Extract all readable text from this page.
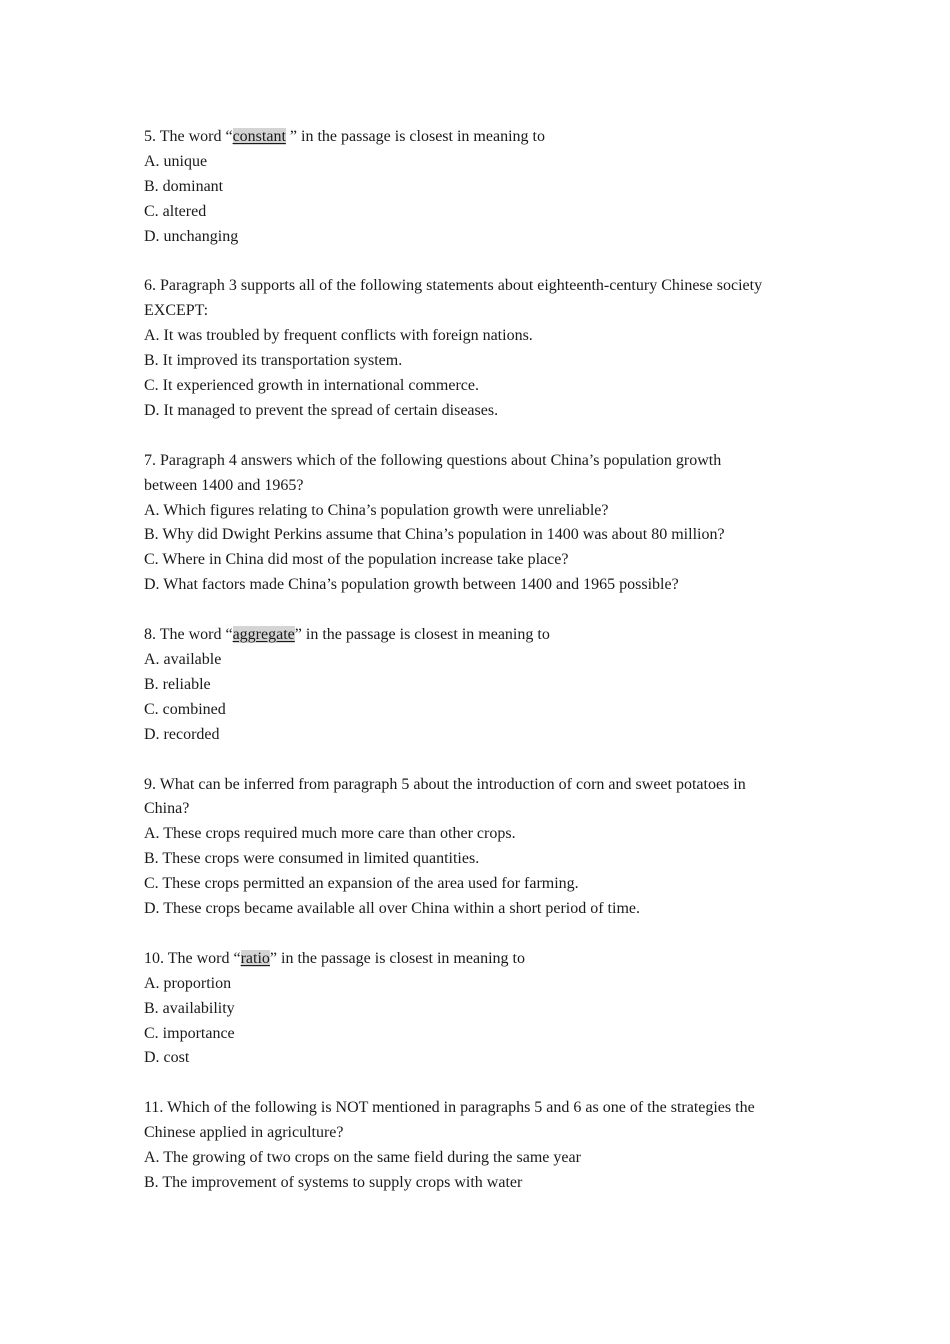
5. The word “constant ” in the passage is closest in meaning to
A. unique
B. dominant
C. altered
D. unchanging
6. Paragraph 3 supports all of the following statements about eighteenth-century Chinese society
EXCEPT:
A. It was troubled by frequent conflicts with foreign nations.
B. It improved its transportation system.
C. It experienced growth in international commerce.
D. It managed to prevent the spread of certain diseases.
7. Paragraph 4 answers which of the following questions about China’s population growth
between 1400 and 1965?
A. Which figures relating to China’s population growth were unreliable?
B. Why did Dwight Perkins assume that China’s population in 1400 was about 80 million?
C. Where in China did most of the population increase take place?
D. What factors made China’s population growth between 1400 and 1965 possible?
8. The word “aggregate” in the passage is closest in meaning to
A. available
B. reliable
C. combined
D. recorded
9. What can be inferred from paragraph 5 about the introduction of corn and sweet potatoes in
China?
A. These crops required much more care than other crops.
B. These crops were consumed in limited quantities.
C. These crops permitted an expansion of the area used for farming.
D. These crops became available all over China within a short period of time.
10. The word “ratio” in the passage is closest in meaning to
A. proportion
B. availability
C. importance
D. cost
11. Which of the following is NOT mentioned in paragraphs 5 and 6 as one of the strategies the
Chinese applied in agriculture?
A. The growing of two crops on the same field during the same year
B. The improvement of systems to supply crops with water
